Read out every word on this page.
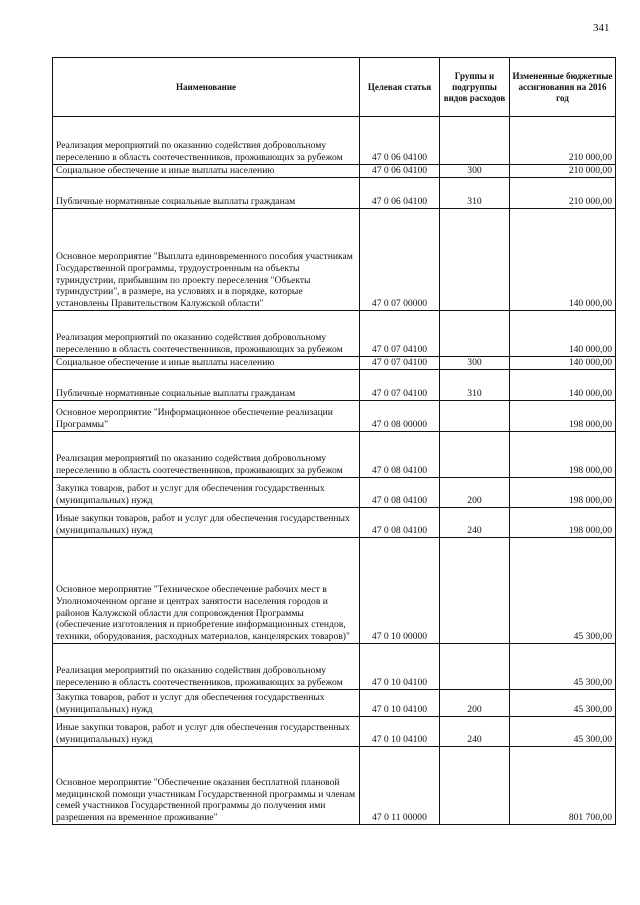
341
Наименование	Целевая статья	Группы и подгруппы видов расходов	Измененные бюджетные ассигнования на 2016 год
Реализация мероприятий по оказанию содействия добровольному переселению в область соотечественников, проживающих за рубежом	47 0 06 04100		210 000,00
Социальное обеспечение и иные выплаты населению	47 0 06 04100	300	210 000,00
Публичные нормативные социальные выплаты гражданам	47 0 06 04100	310	210 000,00
Основное мероприятие "Выплата единовременного пособия участникам Государственной программы, трудоустроенным на объекты туриндустрии, прибывшим по проекту переселения "Объекты туриндустрии", в размере, на условиях и в порядке, которые установлены Правительством Калужской области"	47 0 07 00000		140 000,00
Реализация мероприятий по оказанию содействия добровольному переселению в область соотечественников, проживающих за рубежом	47 0 07 04100		140 000,00
Социальное обеспечение и иные выплаты населению	47 0 07 04100	300	140 000,00
Публичные нормативные социальные выплаты гражданам	47 0 07 04100	310	140 000,00
Основное мероприятие "Информационное обеспечение реализации Программы"	47 0 08 00000		198 000,00
Реализация мероприятий по оказанию содействия добровольному переселению в область соотечественников, проживающих за рубежом	47 0 08 04100		198 000,00
Закупка товаров, работ и услуг для обеспечения государственных (муниципальных) нужд	47 0 08 04100	200	198 000,00
Иные закупки товаров, работ и услуг для обеспечения государственных (муниципальных) нужд	47 0 08 04100	240	198 000,00
Основное мероприятие "Техническое обеспечение рабочих мест в Уполномоченном органе и центрах занятости населения городов и районов Калужской области для сопровождения Программы (обеспечение изготовления и приобретение информационных стендов, техники, оборудования, расходных материалов, канцелярских товаров)"	47 0 10 00000		45 300,00
Реализация мероприятий по оказанию содействия добровольному переселению в область соотечественников, проживающих за рубежом	47 0 10 04100		45 300,00
Закупка товаров, работ и услуг для обеспечения государственных (муниципальных) нужд	47 0 10 04100	200	45 300,00
Иные закупки товаров, работ и услуг для обеспечения государственных (муниципальных) нужд	47 0 10 04100	240	45 300,00
Основное мероприятие "Обеспечение оказания бесплатной плановой медицинской помощи участникам Государственной программы и членам семей участников Государственной программы до получения ими разрешения на временное проживание"	47 0 11 00000		801 700,00
